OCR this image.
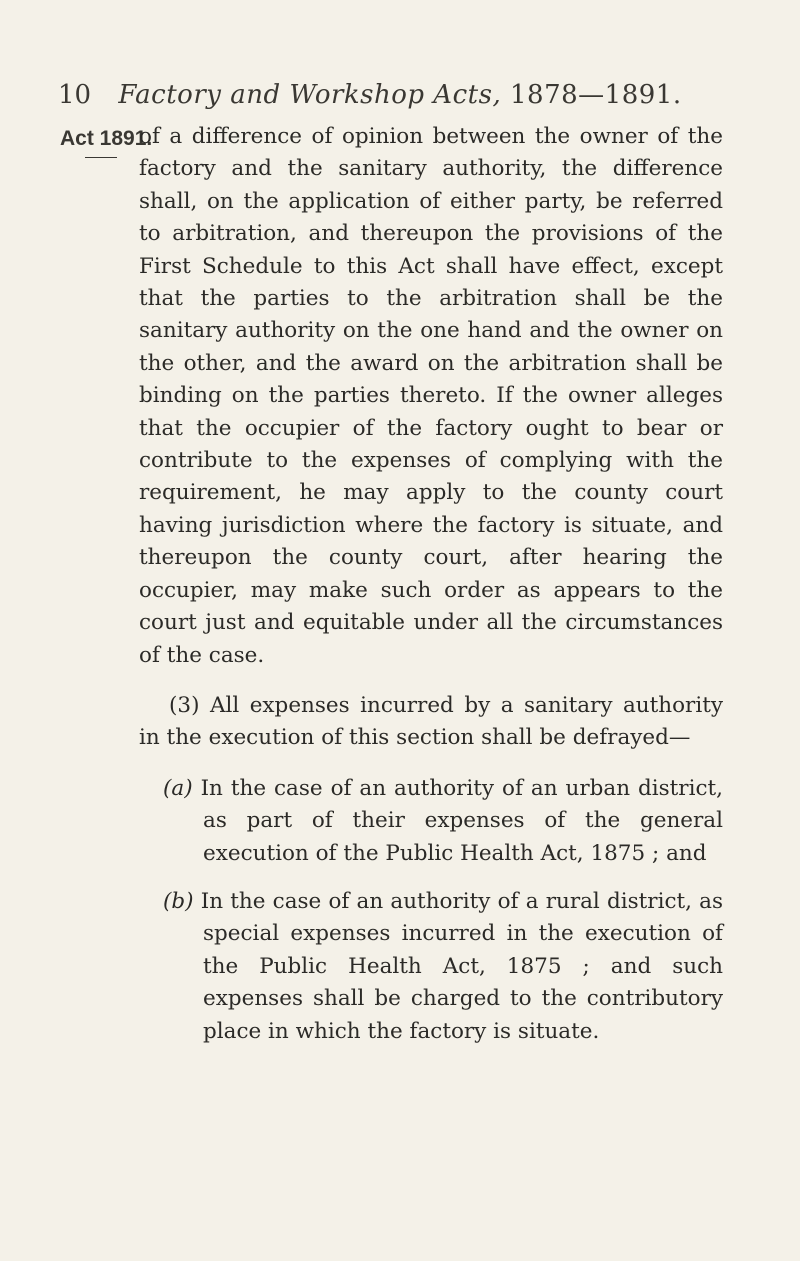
10	Factory and Workshop Acts, 1878—1891.
Act 1891.

of a difference of opinion between the owner of the factory and the sanitary authority, the difference shall, on the application of either party, be referred to arbitration, and thereupon the provisions of the First Schedule to this Act shall have effect, except that the parties to the arbitration shall be the sanitary authority on the one hand and the owner on the other, and the award on the arbitration shall be binding on the parties thereto. If the owner alleges that the occupier of the factory ought to bear or contribute to the expenses of complying with the requirement, he may apply to the county court having jurisdiction where the factory is situate, and thereupon the county court, after hearing the occupier, may make such order as appears to the court just and equitable under all the circumstances of the case.

(3) All expenses incurred by a sanitary authority in the execution of this section shall be defrayed—

(a) In the case of an authority of an urban district, as part of their expenses of the general execution of the Public Health Act, 1875 ; and
(b) In the case of an authority of a rural district, as special expenses incurred in the execution of the Public Health Act, 1875 ; and such expenses shall be charged to the contributory place in which the factory is situate.
